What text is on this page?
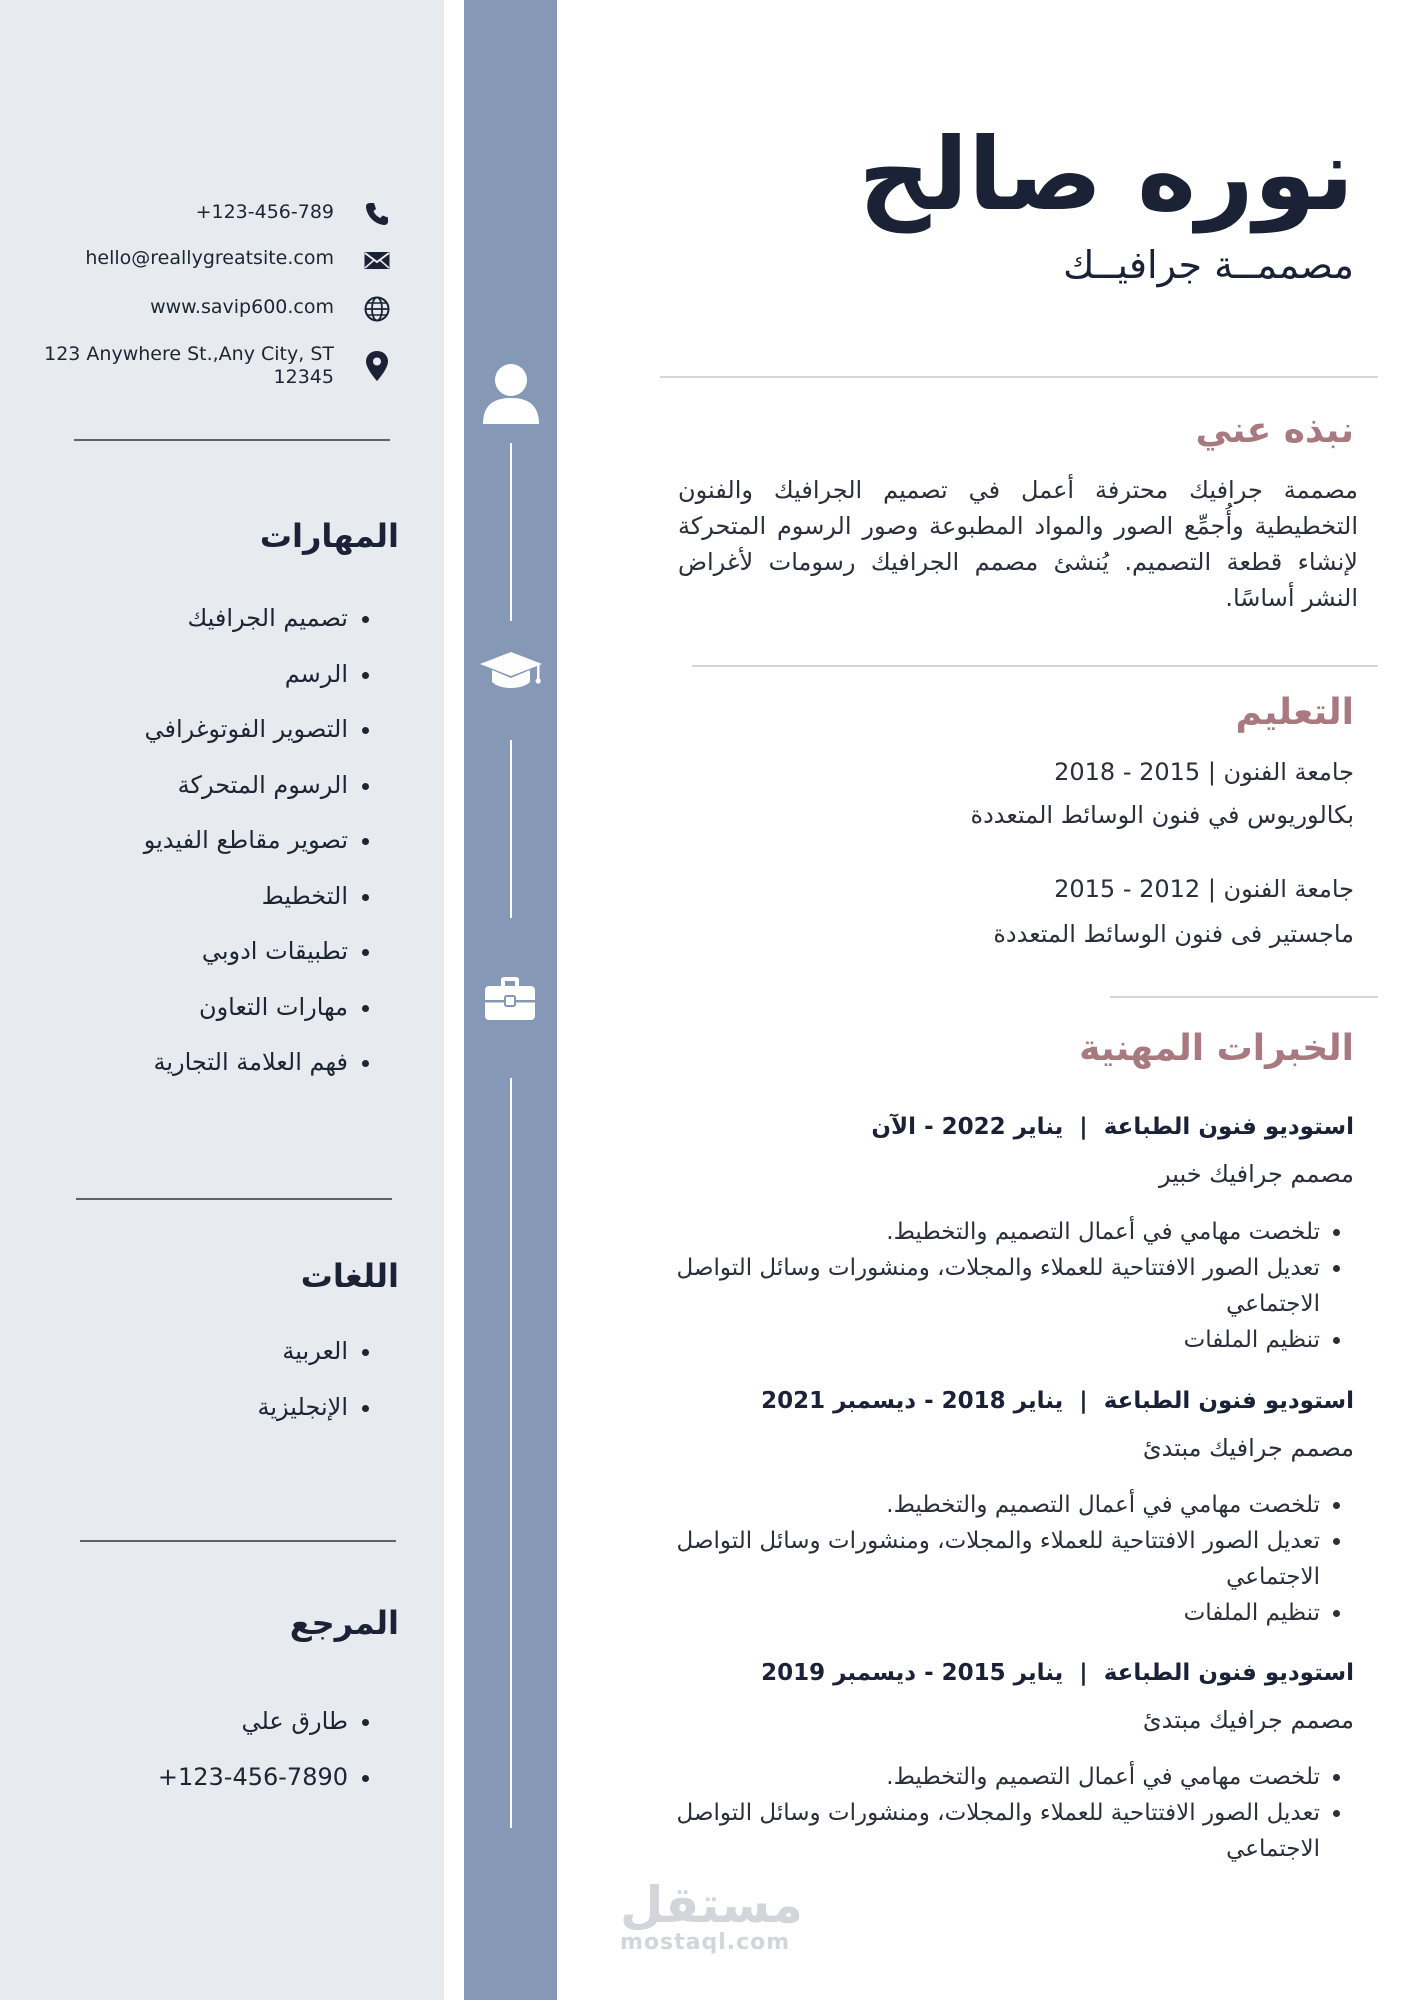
نوره صالح
مصممــة جرافيــك
نبذه عني
مصممة جرافيك محترفة أعمل في تصميم الجرافيك والفنون التخطيطية وأُجمِّع الصور والمواد المطبوعة وصور الرسوم المتحركة لإنشاء قطعة التصميم. يُنشئ مصمم الجرافيك رسومات لأغراض النشر أساسًا.
التعليم
جامعة الفنون | 2015 - 2018
بكالوريوس في فنون الوسائط المتعددة
جامعة الفنون | 2012 - 2015
ماجستير فى فنون الوسائط المتعددة
الخبرات المهنية
استوديو فنون الطباعة  |  يناير 2022 - الآن
مصمم جرافيك خبير
• تلخصت مهامي في أعمال التصميم والتخطيط.
• تعديل الصور الافتتاحية للعملاء والمجلات، ومنشورات وسائل التواصل الاجتماعي
• تنظيم الملفات
استوديو فنون الطباعة  |  يناير 2018 - ديسمبر 2021
مصمم جرافيك مبتدئ
• تلخصت مهامي في أعمال التصميم والتخطيط.
• تعديل الصور الافتتاحية للعملاء والمجلات، ومنشورات وسائل التواصل الاجتماعي
• تنظيم الملفات
استوديو فنون الطباعة  |  يناير 2015 - ديسمبر 2019
مصمم جرافيك مبتدئ
• تلخصت مهامي في أعمال التصميم والتخطيط.
• تعديل الصور الافتتاحية للعملاء والمجلات، ومنشورات وسائل التواصل الاجتماعي
+123-456-789
hello@reallygreatsite.com
www.savip600.com
123 Anywhere St.,Any City, ST
12345
المهارات
• تصميم الجرافيك
• الرسم
• التصوير الفوتوغرافي
• الرسوم المتحركة
• تصوير مقاطع الفيديو
• التخطيط
• تطبيقات ادوبي
• مهارات التعاون
• فهم العلامة التجارية
اللغات
• العربية
• الإنجليزية
المرجع
• طارق علي
• 123-456-7890+
مستقل
mostaql.com
